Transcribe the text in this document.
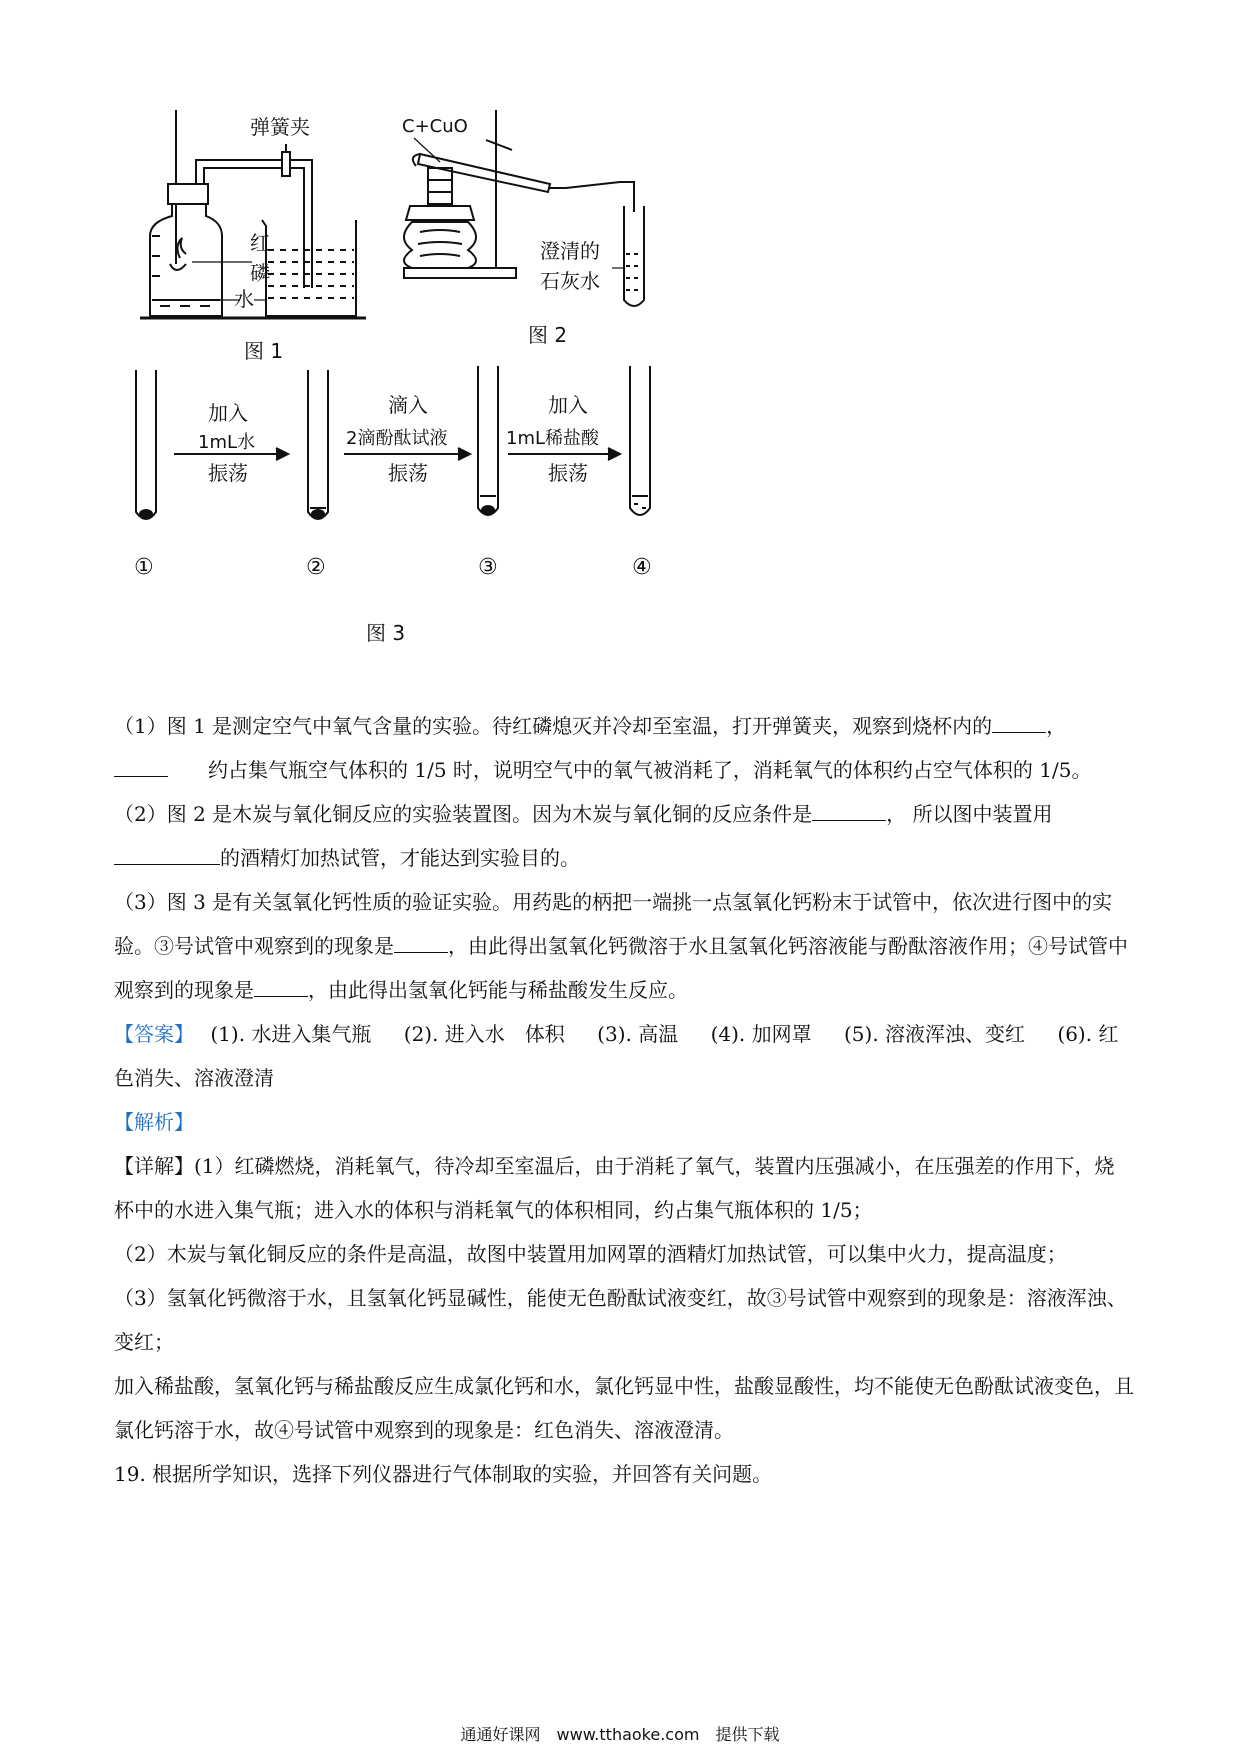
弹簧夹
红
磷
水
图 1
C+CuO
澄清的
石灰水
图 2
加入
1mL水
振荡
滴入
2滴酚酞试液
振荡
加入
1mL稀盐酸
振荡
①	②	③	④
图 3

（1）图 1 是测定空气中氧气含量的实验。待红磷熄灭并冷却至室温，打开弹簧夹，观察到烧杯内的	，
　　约占集气瓶空气体积的 1/5 时，说明空气中的氧气被消耗了，消耗氧气的体积约占空气体积的 1/5。

（2）图 2 是木炭与氧化铜反应的实验装置图。因为木炭与氧化铜的反应条件是	， 所以图中装置用
的酒精灯加热试管，才能达到实验目的。

（3）图 3 是有关氢氧化钙性质的验证实验。用药匙的柄把一端挑一点氢氧化钙粉末于试管中，依次进行图中的实验。③号试管中观察到的现象是	，由此得出氢氧化钙微溶于水且氢氧化钙溶液能与酚酞溶液作用；④号试管中观察到的现象是	，由此得出氢氧化钙能与稀盐酸发生反应。

【答案】　 (1). 水进入集气瓶 (2). 进入水　体积 (3). 高温 (4). 加网罩 (5). 溶液浑浊、变红 (6). 红色消失、溶液澄清

【解析】

【详解】(1）红磷燃烧，消耗氧气，待冷却至室温后，由于消耗了氧气，装置内压强减小，在压强差的作用下，烧杯中的水进入集气瓶；进入水的体积与消耗氧气的体积相同，约占集气瓶体积的 1/5；

（2）木炭与氧化铜反应的条件是高温，故图中装置用加网罩的酒精灯加热试管，可以集中火力，提高温度；

（3）氢氧化钙微溶于水，且氢氧化钙显碱性，能使无色酚酞试液变红，故③号试管中观察到的现象是：溶液浑浊、变红；

加入稀盐酸，氢氧化钙与稀盐酸反应生成氯化钙和水，氯化钙显中性，盐酸显酸性，均不能使无色酚酞试液变色，且氯化钙溶于水，故④号试管中观察到的现象是：红色消失、溶液澄清。

19. 根据所学知识，选择下列仪器进行气体制取的实验，并回答有关问题。

通通好课网　www.tthaoke.com　提供下载
